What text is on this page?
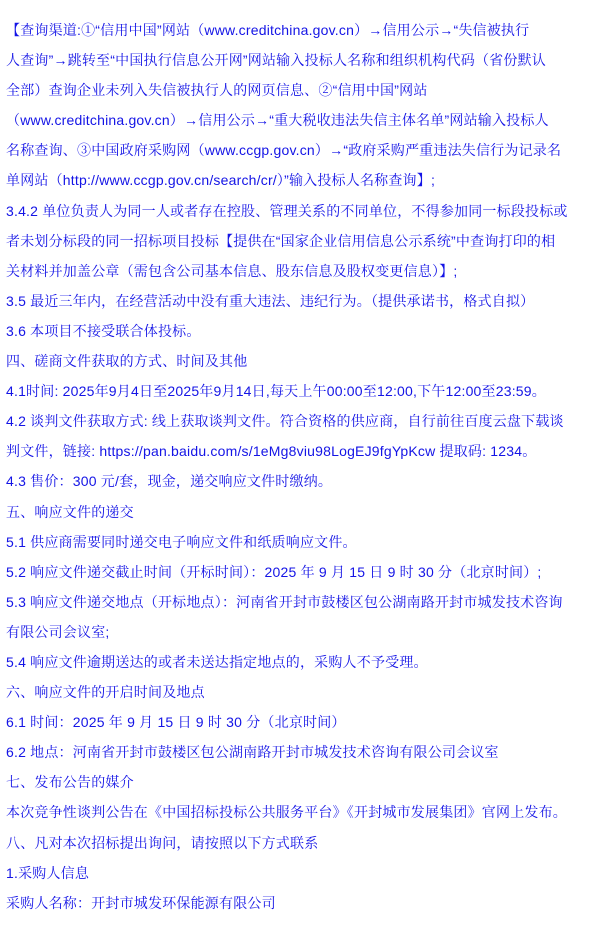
【查询渠道:①“信用中国”网站（www.creditchina.gov.cn）→信用公示→“失信被执行
人查询”→跳转至“中国执行信息公开网”网站输入投标人名称和组织机构代码（省份默认
全部）查询企业未列入失信被执行人的网页信息、②“信用中国”网站
（www.creditchina.gov.cn）→信用公示→“重大税收违法失信主体名单”网站输入投标人
名称查询、③中国政府采购网（www.ccgp.gov.cn）→“政府采购严重违法失信行为记录名
单网站（http://www.ccgp.gov.cn/search/cr/）”输入投标人名称查询】;
3.4.2 单位负责人为同一人或者存在控股、管理关系的不同单位，不得参加同一标段投标或
者未划分标段的同一招标项目投标【提供在“国家企业信用信息公示系统”中查询打印的相
关材料并加盖公章（需包含公司基本信息、股东信息及股权变更信息）】;
3.5 最近三年内，在经营活动中没有重大违法、违纪行为。（提供承诺书，格式自拟）
3.6 本项目不接受联合体投标。
四、磋商文件获取的方式、时间及其他
4.1时间: 2025年9月4日至2025年9月14日,每天上午00:00至12:00,下午12:00至23:59。
4.2 谈判文件获取方式: 线上获取谈判文件。符合资格的供应商，自行前往百度云盘下载谈
判文件，链接: https://pan.baidu.com/s/1eMg8viu98LogEJ9fgYpKcw 提取码: 1234。
4.3 售价：300 元/套，现金，递交响应文件时缴纳。
五、响应文件的递交
5.1 供应商需要同时递交电子响应文件和纸质响应文件。
5.2 响应文件递交截止时间（开标时间）：2025 年 9 月 15 日 9 时 30 分（北京时间）;
5.3 响应文件递交地点（开标地点）：河南省开封市鼓楼区包公湖南路开封市城发技术咨询
有限公司会议室;
5.4 响应文件逾期送达的或者未送达指定地点的，采购人不予受理。
六、响应文件的开启时间及地点
6.1 时间：2025 年 9 月 15 日 9 时 30 分（北京时间）
6.2 地点：河南省开封市鼓楼区包公湖南路开封市城发技术咨询有限公司会议室
七、发布公告的媒介
本次竞争性谈判公告在《中国招标投标公共服务平台》《开封城市发展集团》官网上发布。
八、凡对本次招标提出询问，请按照以下方式联系
1.采购人信息
采购人名称：开封市城发环保能源有限公司
